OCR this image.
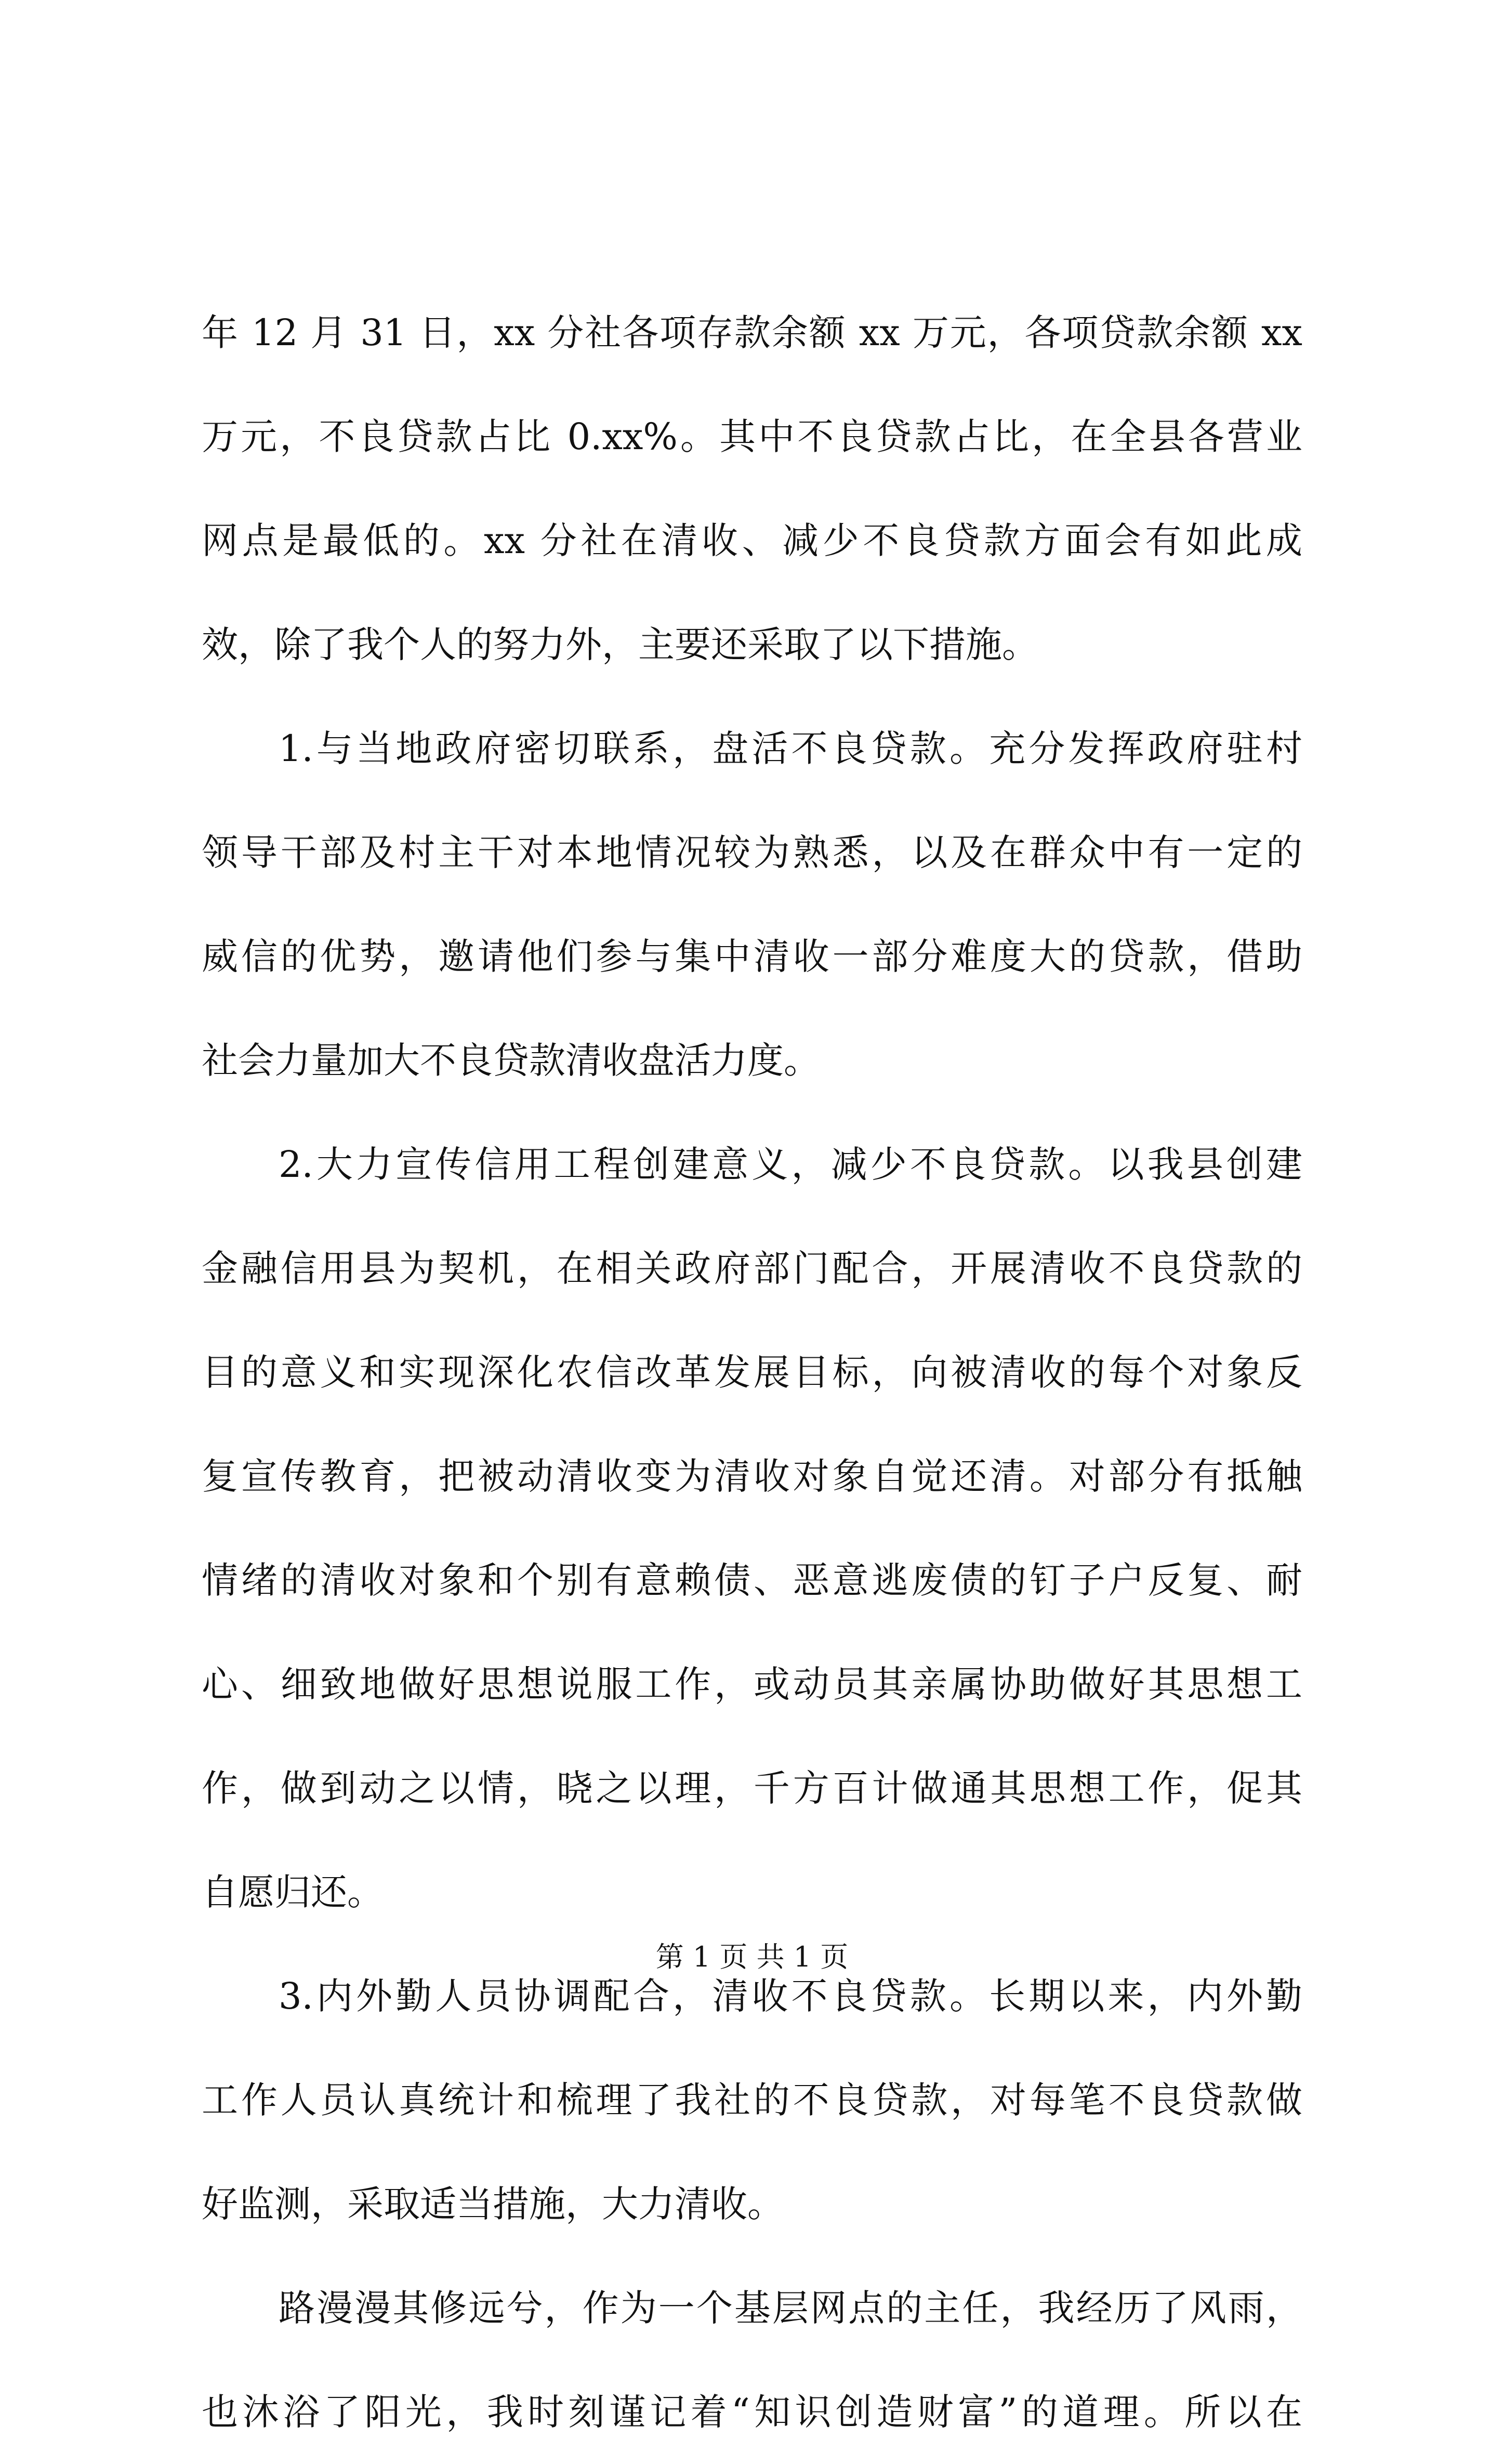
年 12 月 31 日，xx 分社各项存款余额 xx 万元，各项贷款余额 xx
万元，不良贷款占比 0.xx%。其中不良贷款占比，在全县各营业
网点是最低的。xx 分社在清收、减少不良贷款方面会有如此成
效，除了我个人的努力外，主要还采取了以下措施。
1.与当地政府密切联系，盘活不良贷款。充分发挥政府驻村
领导干部及村主干对本地情况较为熟悉，以及在群众中有一定的
威信的优势，邀请他们参与集中清收一部分难度大的贷款，借助
社会力量加大不良贷款清收盘活力度。
2.大力宣传信用工程创建意义，减少不良贷款。以我县创建
金融信用县为契机，在相关政府部门配合，开展清收不良贷款的
目的意义和实现深化农信改革发展目标，向被清收的每个对象反
复宣传教育，把被动清收变为清收对象自觉还清。对部分有抵触
情绪的清收对象和个别有意赖债、恶意逃废债的钉子户反复、耐
心、细致地做好思想说服工作，或动员其亲属协助做好其思想工
作，做到动之以情，晓之以理，千方百计做通其思想工作，促其
自愿归还。
3.内外勤人员协调配合，清收不良贷款。长期以来，内外勤
工作人员认真统计和梳理了我社的不良贷款，对每笔不良贷款做
好监测，采取适当措施，大力清收。
路漫漫其修远兮，作为一个基层网点的主任，我经历了风雨，
也沐浴了阳光，我时刻谨记着“知识创造财富”的道理。所以在
第 1 页 共 1 页
